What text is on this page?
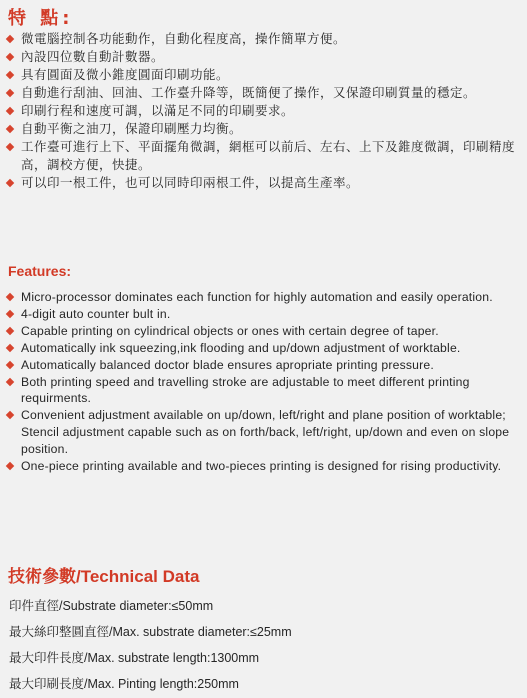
特 點:
微電腦控制各功能動作，自動化程度高，操作簡單方便。
內設四位數自動計數器。
具有圓面及微小錐度圓面印刷功能。
自動進行刮油、回油、工作臺升降等，既簡便了操作，又保證印刷質量的穩定。
印刷行程和速度可調，以滿足不同的印刷要求。
自動平衡之油刀，保證印刷壓力均衡。
工作臺可進行上下、平面擺角微調，網框可以前后、左右、上下及錐度微調，印刷精度高，調校方便，快捷。
可以印一根工件，也可以同時印兩根工件，以提高生產率。
Features:
Micro-processor dominates each function for highly automation and easily operation.
4-digit auto counter bult in.
Capable printing on cylindrical objects or ones with certain degree of taper.
Automatically ink squeezing,ink flooding and up/down adjustment of worktable.
Automatically balanced doctor blade ensures apropriate printing pressure.
Both printing speed and travelling stroke are adjustable to meet different printing requirments.
Convenient adjustment available on up/down, left/right and plane position of worktable; Stencil adjustment capable such as on forth/back, left/right, up/down and even on slope position.
One-piece printing available and two-pieces printing is designed for rising productivity.
技術參數/Technical Data
印件直徑/Substrate diameter:≤50mm
最大絲印整圓直徑/Max. substrate diameter:≤25mm
最大印件長度/Max. substrate length:1300mm
最大印刷長度/Max. Pinting length:250mm
